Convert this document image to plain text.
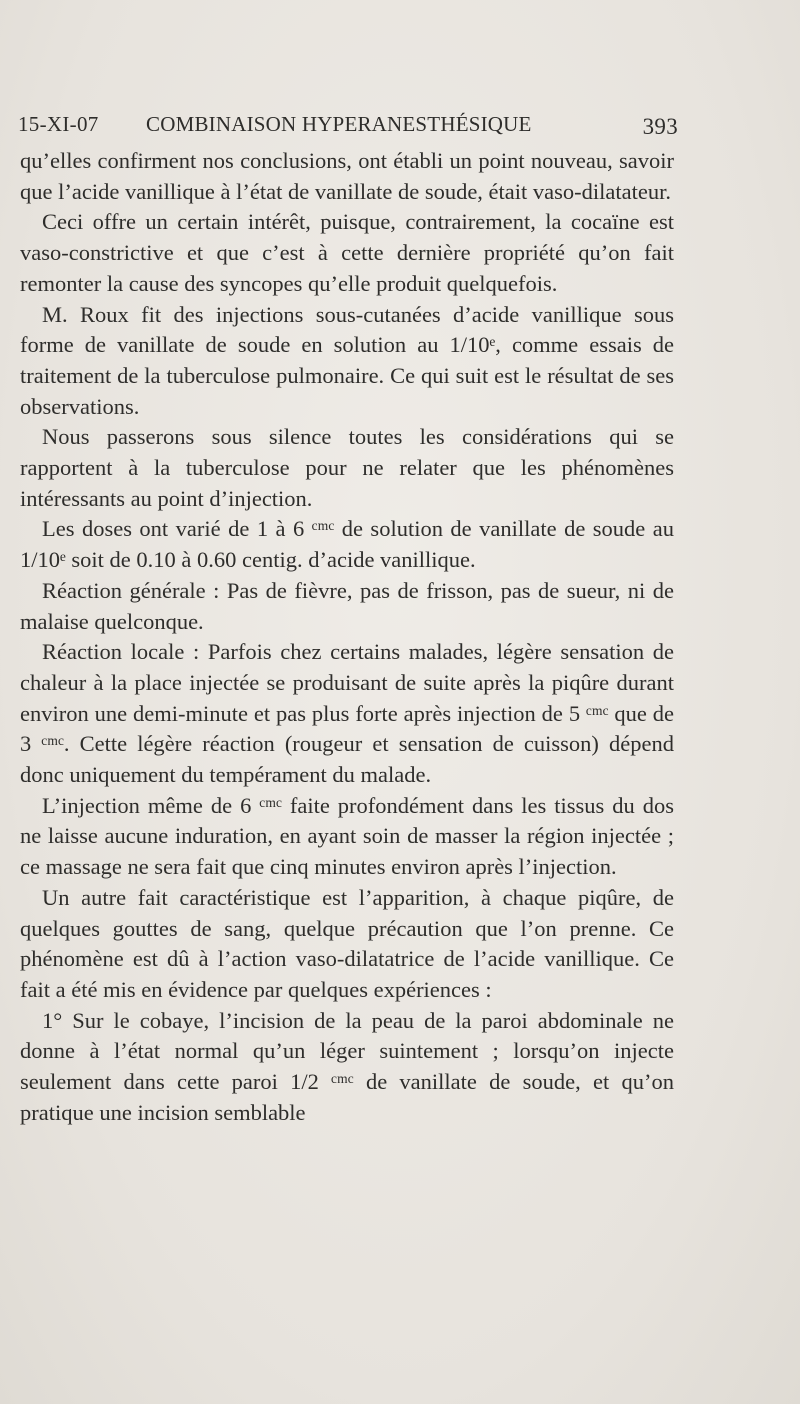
15-XI-07 COMBINAISON HYPERANESTHÉSIQUE	393

qu’elles confirment nos conclusions, ont établi un point nouveau, savoir que l’acide vanillique à l’état de vanillate de soude, était vaso-dilatateur.

Ceci offre un certain intérêt, puisque, contrairement, la cocaïne est vaso-constrictive et que c’est à cette dernière propriété qu’on fait remonter la cause des syncopes qu’elle produit quelquefois.

M. Roux fit des injections sous-cutanées d’acide vanillique sous forme de vanillate de soude en solution au 1/10ᵉ, comme essais de traitement de la tuberculose pulmonaire. Ce qui suit est le résultat de ses observations.

Nous passerons sous silence toutes les considérations qui se rapportent à la tuberculose pour ne relater que les phénomènes intéressants au point d’injection.

Les doses ont varié de 1 à 6 ᶜᵐᶜ de solution de vanillate de soude au 1/10ᵉ soit de 0.10 à 0.60 centig. d’acide vanillique.

Réaction générale : Pas de fièvre, pas de frisson, pas de sueur, ni de malaise quelconque.

Réaction locale : Parfois chez certains malades, légère sensation de chaleur à la place injectée se produisant de suite après la piqûre durant environ une demi-minute et pas plus forte après injection de 5 ᶜᵐᶜ que de 3 ᶜᵐᶜ. Cette légère réaction (rougeur et sensation de cuisson) dépend donc uniquement du tempérament du malade.

L’injection même de 6 ᶜᵐᶜ faite profondément dans les tissus du dos ne laisse aucune induration, en ayant soin de masser la région injectée ; ce massage ne sera fait que cinq minutes environ après l’injection.

Un autre fait caractéristique est l’apparition, à chaque piqûre, de quelques gouttes de sang, quelque précaution que l’on prenne. Ce phénomène est dû à l’action vaso-dilatatrice de l’acide vanillique. Ce fait a été mis en évidence par quelques expériences :

1° Sur le cobaye, l’incision de la peau de la paroi abdominale ne donne à l’état normal qu’un léger suintement ; lorsqu’on injecte seulement dans cette paroi 1/2 ᶜᵐᶜ de vanillate de soude, et qu’on pratique une incision semblable
